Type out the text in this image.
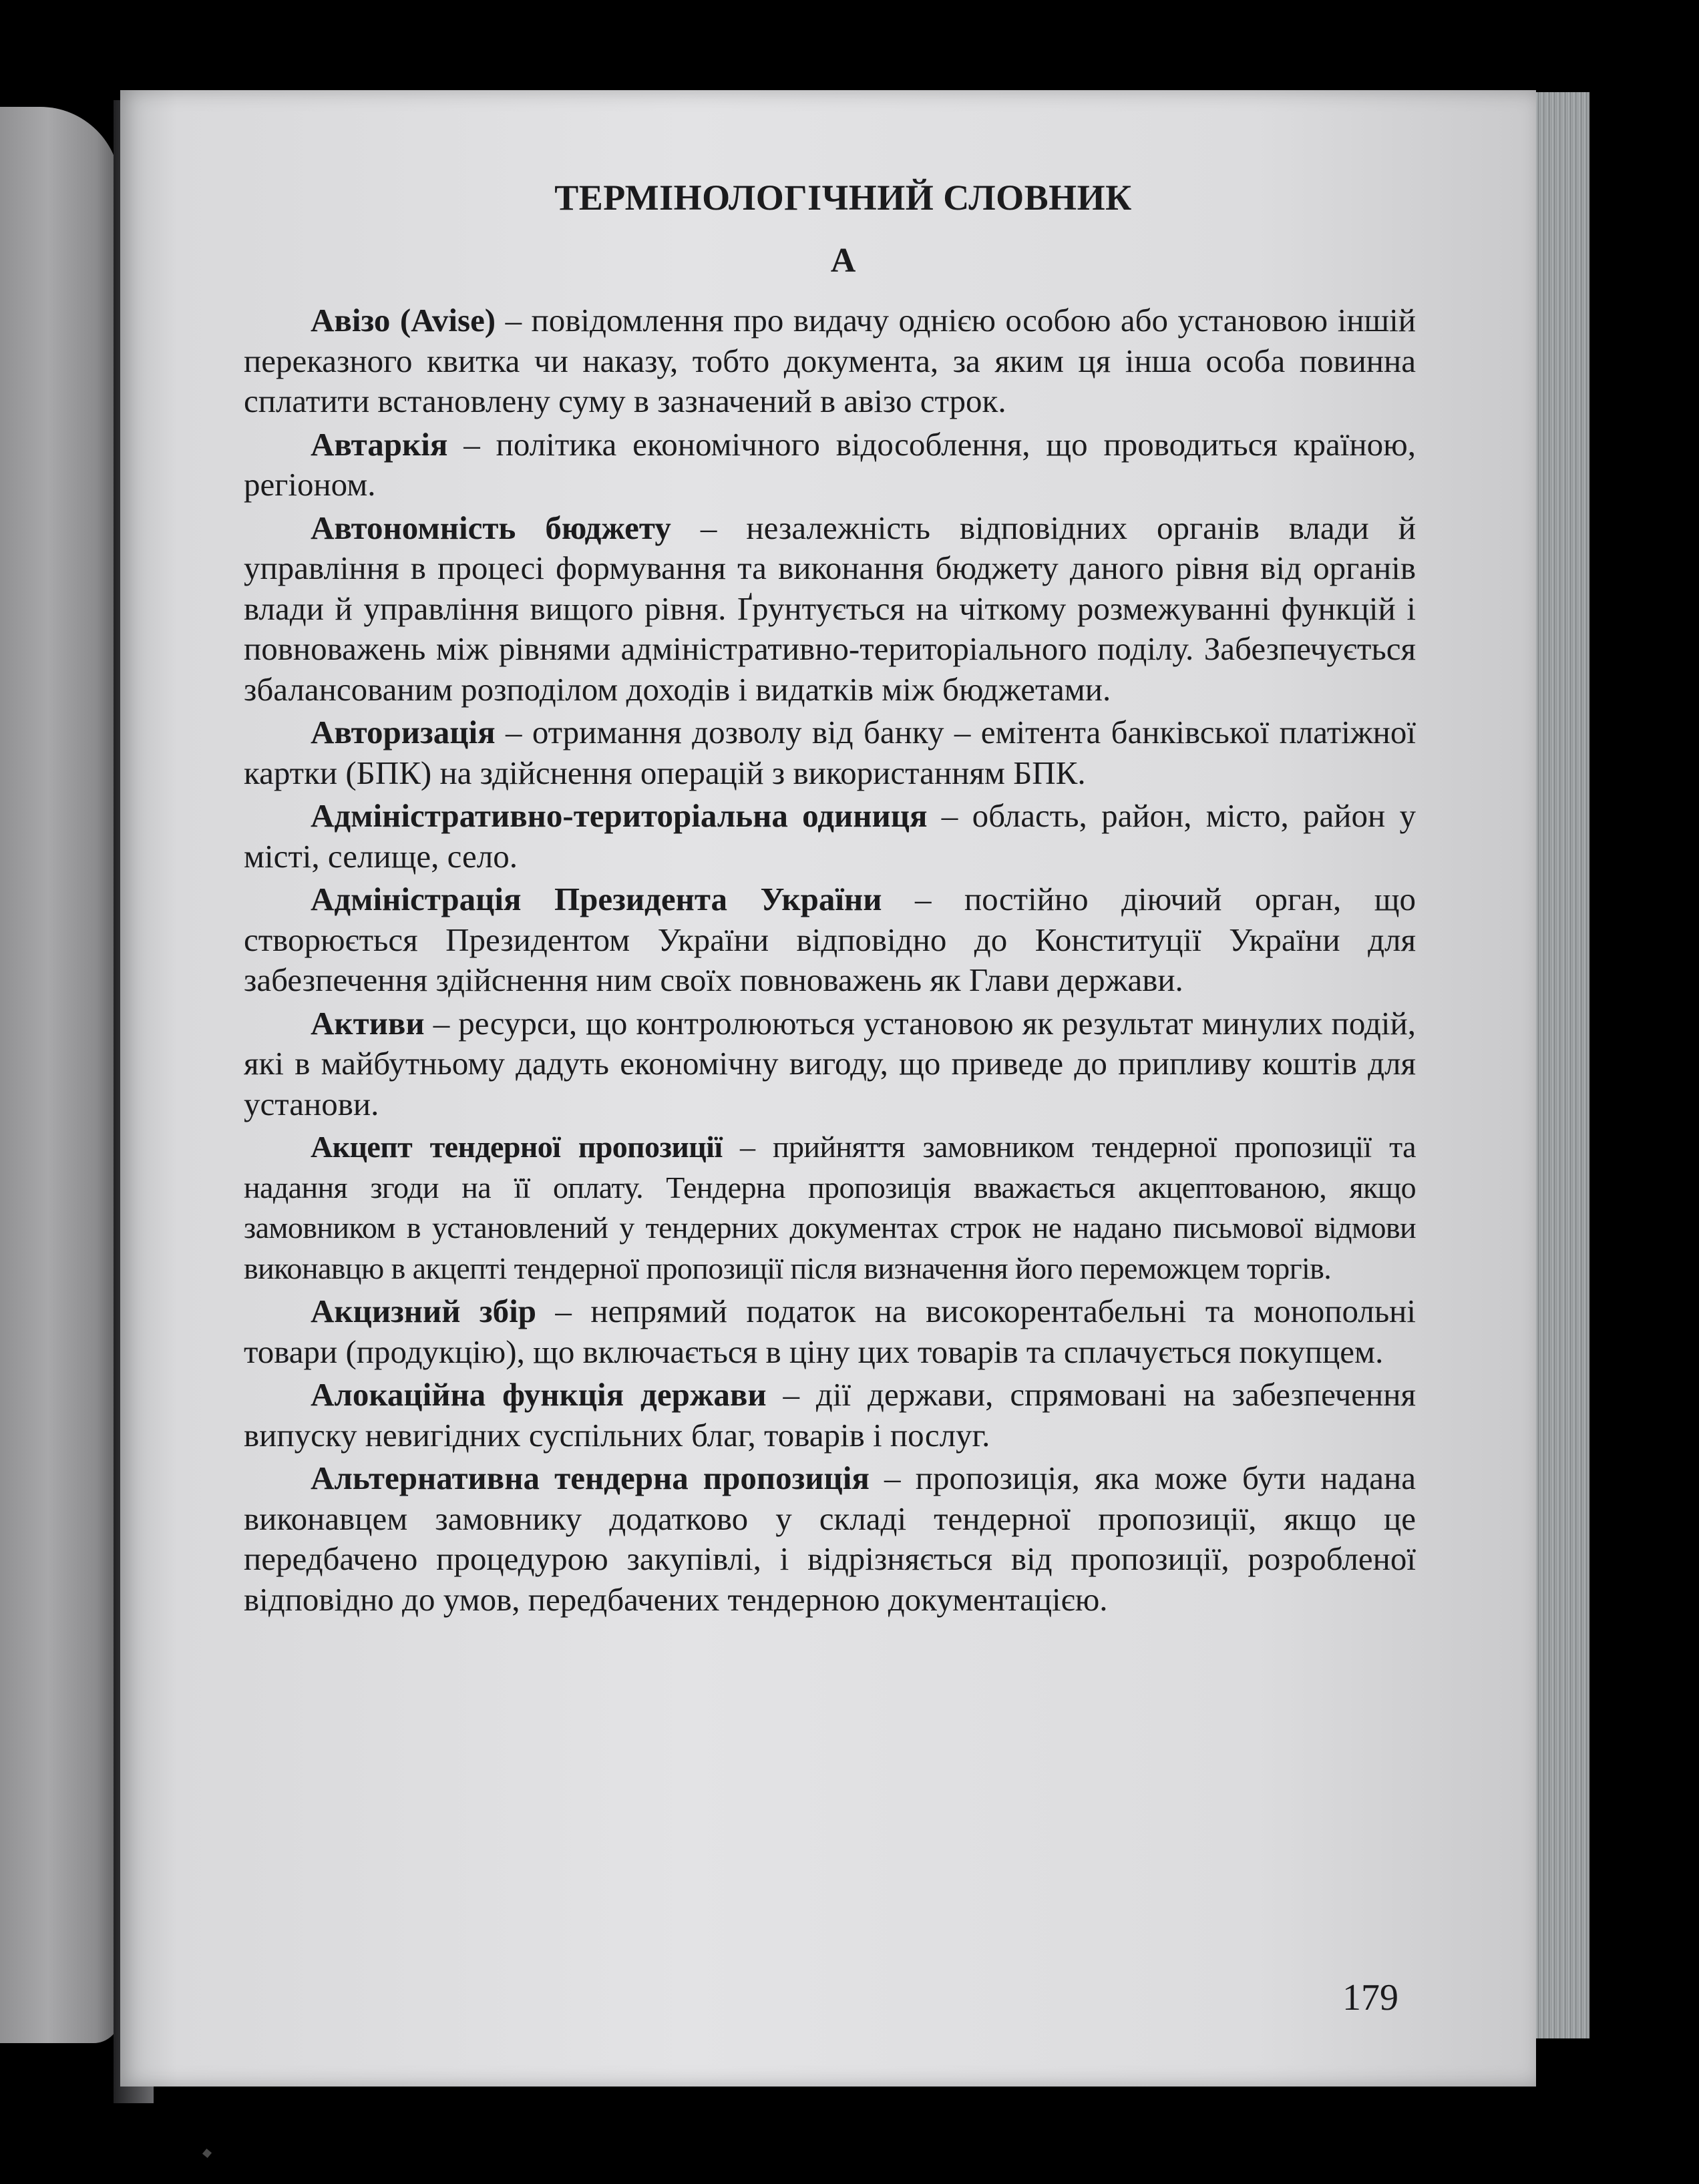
ТЕРМІНОЛОГІЧНИЙ СЛОВНИК
А

Авізо (Avise) – повідомлення про видачу однією особою або установою іншій переказного квитка чи наказу, тобто документа, за яким ця інша особа повинна сплатити встановлену суму в зазначений в авізо строк.

Автаркія – політика економічного відособлення, що проводиться країною, регіоном.

Автономність бюджету – незалежність відповідних органів влади й управління в процесі формування та виконання бюджету даного рівня від органів влади й управління вищого рівня. Ґрунтується на чіткому розмежуванні функцій і повноважень між рівнями адміністративно-територіального поділу. Забезпечується збалансованим розподілом доходів і видатків між бюджетами.

Авторизація – отримання дозволу від банку – емітента банківської платіжної картки (БПК) на здійснення операцій з використанням БПК.

Адміністративно-територіальна одиниця – область, район, місто, район у місті, селище, село.

Адміністрація Президента України – постійно діючий орган, що створюється Президентом України відповідно до Конституції України для забезпечення здійснення ним своїх повноважень як Глави держави.

Активи – ресурси, що контролюються установою як результат минулих подій, які в майбутньому дадуть економічну вигоду, що приведе до припливу коштів для установи.

Акцепт тендерної пропозиції – прийняття замовником тендерної пропозиції та надання згоди на її оплату. Тендерна пропозиція вважається акцептованою, якщо замовником в установлений у тендерних документах строк не надано письмової відмови виконавцю в акцепті тендерної пропозиції після визначення його переможцем торгів.

Акцизний збір – непрямий податок на високорентабельні та монопольні товари (продукцію), що включається в ціну цих товарів та сплачується покупцем.

Алокаційна функція держави – дії держави, спрямовані на забезпечення випуску невигідних суспільних благ, товарів і послуг.

Альтернативна тендерна пропозиція – пропозиція, яка може бути надана виконавцем замовнику додатково у складі тендерної пропозиції, якщо це передбачено процедурою закупівлі, і відрізняється від пропозиції, розробленої відповідно до умов, передбачених тендерною документацією.

179
